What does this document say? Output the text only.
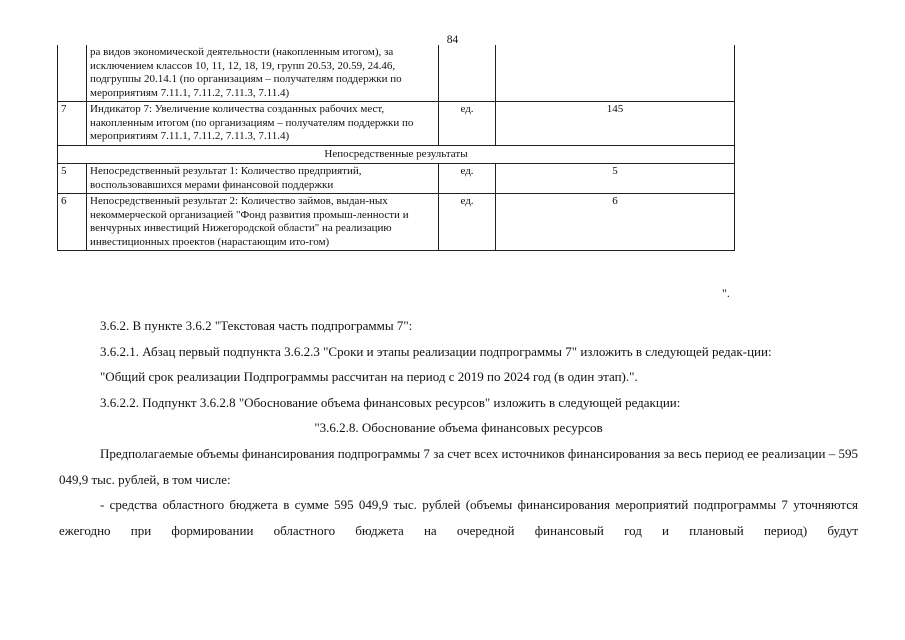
84
	ра видов экономической деятельности (накопленным итогом), за исключением классов 10, 11, 12, 18, 19, групп 20.53, 20.59, 24.46, подгруппы 20.14.1 (по организациям – получателям поддержки по мероприятиям 7.11.1, 7.11.2, 7.11.3, 7.11.4)		
7	Индикатор 7: Увеличение количества созданных рабочих мест, накопленным итогом (по организациям – получателям поддержки по мероприятиям 7.11.1, 7.11.2, 7.11.3, 7.11.4)	ед.	145
Непосредственные результаты			
5	Непосредственный результат 1: Количество предприятий, воспользовавшихся мерами финансовой поддержки	ед.	5
6	Непосредственный результат 2: Количество займов, выдан-ных некоммерческой организацией "Фонд развития промыш-ленности и венчурных инвестиций Нижегородской области" на реализацию инвестиционных проектов (нарастающим ито-гом)	ед.	6
".

3.6.2. В пункте 3.6.2 "Текстовая часть подпрограммы 7":

3.6.2.1. Абзац первый подпункта 3.6.2.3 "Сроки и этапы реализации подпрограммы 7" изложить в следующей редак-ции:

"Общий срок реализации Подпрограммы рассчитан на период с 2019 по 2024 год (в один этап).".

3.6.2.2. Подпункт 3.6.2.8 "Обоснование объема финансовых ресурсов" изложить в следующей редакции:

"3.6.2.8. Обоснование объема финансовых ресурсов

Предполагаемые объемы финансирования подпрограммы 7 за счет всех источников финансирования за весь период ее реализации – 595 049,9 тыс. рублей, в том числе:

- средства областного бюджета в сумме 595 049,9 тыс. рублей (объемы финансирования мероприятий подпрограммы 7 уточняются ежегодно при формировании областного бюджета на очередной финансовый год и плановый период) будут
